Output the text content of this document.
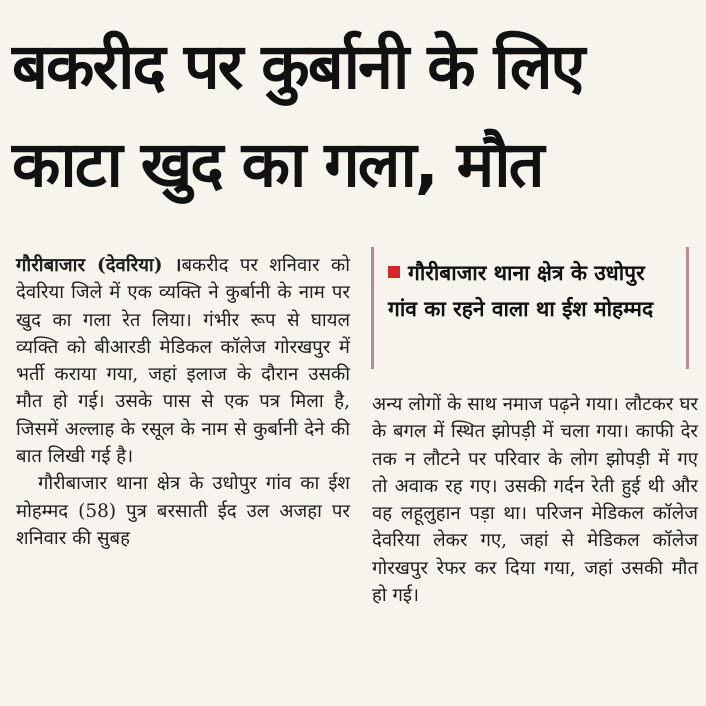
बकरीद पर कुर्बानी के लिए
काटा खुद का गला, मौत

गौरीबाजार (देवरिया) ।बकरीद पर शनिवार को देवरिया जिले में एक व्यक्ति ने कुर्बानी के नाम पर खुद का गला रेत लिया। गंभीर रूप से घायल व्यक्ति को बीआरडी मेडिकल कॉलेज गोरखपुर में भर्ती कराया गया, जहां इलाज के दौरान उसकी मौत हो गई। उसके पास से एक पत्र मिला है, जिसमें अल्लाह के रसूल के नाम से कुर्बानी देने की बात लिखी गई है।

गौरीबाजार थाना क्षेत्र के उधोपुर गांव का ईश मोहम्मद (58) पुत्र बरसाती ईद उल अजहा पर शनिवार की सुबह

गौरीबाजार थाना क्षेत्र के उधोपुर गांव का रहने वाला था ईश मोहम्मद

अन्य लोगों के साथ नमाज पढ़ने गया। लौटकर घर के बगल में स्थित झोपड़ी में चला गया। काफी देर तक न लौटने पर परिवार के लोग झोपड़ी में गए तो अवाक रह गए। उसकी गर्दन रेती हुई थी और वह लहूलुहान पड़ा था। परिजन मेडिकल कॉलेज देवरिया लेकर गए, जहां से मेडिकल कॉलेज गोरखपुर रेफर कर दिया गया, जहां उसकी मौत हो गई।
